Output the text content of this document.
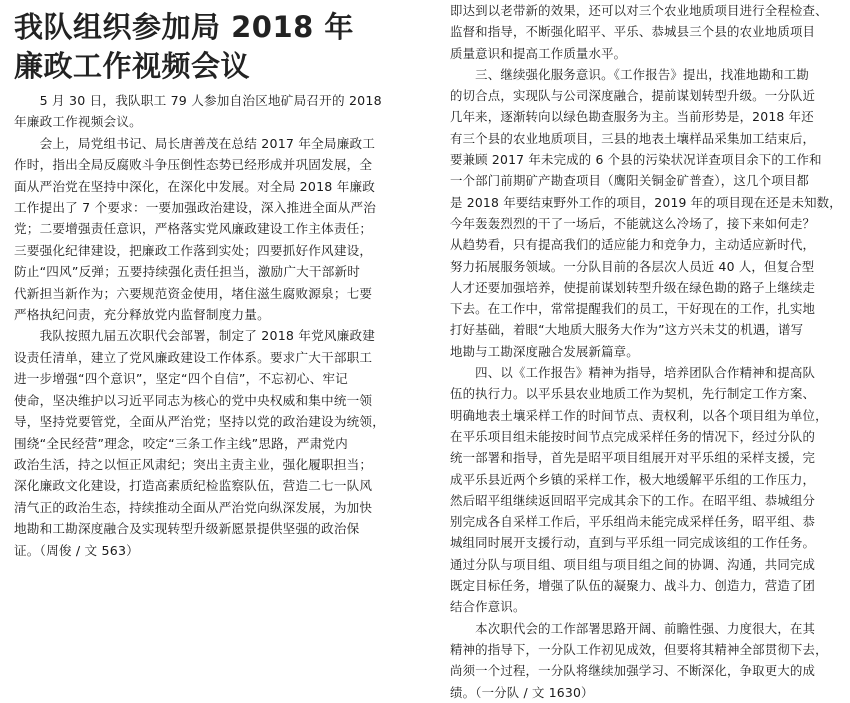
我队组织参加局 2018 年
廉政工作视频会议
　　5 月 30 日，我队职工 79 人参加自治区地矿局召开的 2018
年廉政工作视频会议。
　　会上，局党组书记、局长唐善茂在总结 2017 年全局廉政工
作时，指出全局反腐败斗争压倒性态势已经形成并巩固发展，全
面从严治党在坚持中深化，在深化中发展。对全局 2018 年廉政
工作提出了 7 个要求：一要加强政治建设，深入推进全面从严治
党；二要增强责任意识，严格落实党风廉政建设工作主体责任；
三要强化纪律建设，把廉政工作落到实处；四要抓好作风建设，
防止“四风”反弹；五要持续强化责任担当，激励广大干部新时
代新担当新作为；六要规范资金使用，堵住滋生腐败源泉；七要
严格执纪问责，充分释放党内监督制度力量。
　　我队按照九届五次职代会部署，制定了 2018 年党风廉政建
设责任清单，建立了党风廉政建设工作体系。要求广大干部职工
进一步增强“四个意识”，坚定“四个自信”，不忘初心、牢记
使命，坚决维护以习近平同志为核心的党中央权威和集中统一领
导，坚持党要管党，全面从严治党；坚持以党的政治建设为统领，
围绕“全民经营”理念，咬定“三条工作主线”思路，严肃党内
政治生活，持之以恒正风肃纪；突出主责主业，强化履职担当；
深化廉政文化建设，打造高素质纪检监察队伍，营造二七一队风
清气正的政治生态，持续推动全面从严治党向纵深发展，为加快
地勘和工勘深度融合及实现转型升级新愿景提供坚强的政治保
证。（周俊 / 文 563）
即达到以老带新的效果，还可以对三个农业地质项目进行全程检查、
监督和指导，不断强化昭平、平乐、恭城县三个县的农业地质项目
质量意识和提高工作质量水平。
　　三、继续强化服务意识。《工作报告》提出，找准地勘和工勘
的切合点，实现队与公司深度融合，提前谋划转型升级。一分队近
几年来，逐渐转向以绿色勘查服务为主。当前形势是，2018 年还
有三个县的农业地质项目，三县的地表土壤样品采集加工结束后，
要兼顾 2017 年未完成的 6 个县的污染状况详查项目余下的工作和
一个部门前期矿产勘查项目（鹰阳关铜金矿普查），这几个项目都
是 2018 年要结束野外工作的项目，2019 年的项目现在还是未知数，
今年轰轰烈烈的干了一场后，不能就这么冷场了，接下来如何走？
从趋势看，只有提高我们的适应能力和竞争力，主动适应新时代，
努力拓展服务领域。一分队目前的各层次人员近 40 人，但复合型
人才还要加强培养，使提前谋划转型升级在绿色勘的路子上继续走
下去。在工作中，常常提醒我们的员工，干好现在的工作，扎实地
打好基础，着眼“大地质大服务大作为”这方兴未艾的机遇，谱写
地勘与工勘深度融合发展新篇章。
　　四、以《工作报告》精神为指导，培养团队合作精神和提高队
伍的执行力。以平乐县农业地质工作为契机，先行制定工作方案、
明确地表土壤采样工作的时间节点、责权利，以各个项目组为单位，
在平乐项目组未能按时间节点完成采样任务的情况下，经过分队的
统一部署和指导，首先是昭平项目组展开对平乐组的采样支援，完
成平乐县近两个乡镇的采样工作，极大地缓解平乐组的工作压力，
然后昭平组继续返回昭平完成其余下的工作。在昭平组、恭城组分
别完成各自采样工作后，平乐组尚未能完成采样任务，昭平组、恭
城组同时展开支援行动，直到与平乐组一同完成该组的工作任务。
通过分队与项目组、项目组与项目组之间的协调、沟通，共同完成
既定目标任务，增强了队伍的凝聚力、战斗力、创造力，营造了团
结合作意识。
　　本次职代会的工作部署思路开阔、前瞻性强、力度很大，在其
精神的指导下，一分队工作初见成效，但要将其精神全部贯彻下去，
尚须一个过程，一分队将继续加强学习、不断深化，争取更大的成
绩。（一分队 / 文 1630）
